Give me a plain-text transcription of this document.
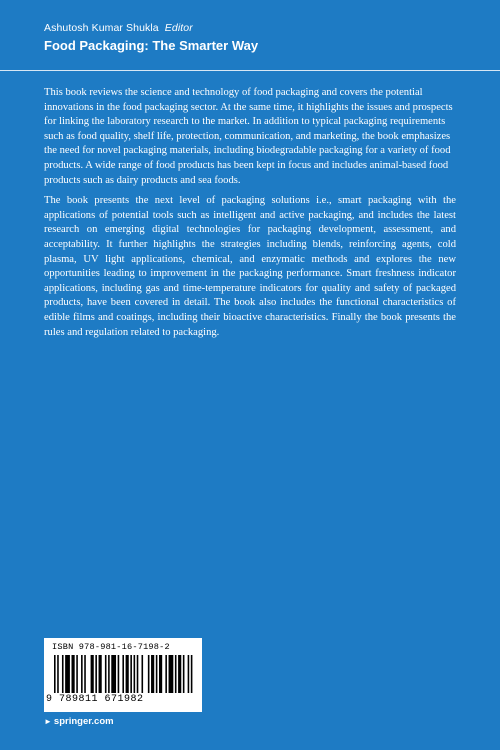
Ashutosh Kumar Shukla Editor
Food Packaging: The Smarter Way

This book reviews the science and technology of food packaging and covers the potential innovations in the food packaging sector. At the same time, it highlights the issues and prospects for linking the laboratory research to the market. In addition to typical packaging requirements such as food quality, shelf life, protection, communication, and marketing, the book emphasizes the need for novel packaging materials, including biodegradable packaging for a variety of food products. A wide range of food products has been kept in focus and includes animal-based food products such as dairy products and sea foods.

The book presents the next level of packaging solutions i.e., smart packaging with the applications of potential tools such as intelligent and active packaging, and includes the latest research on emerging digital technologies for packaging development, assessment, and acceptability. It further highlights the strategies including blends, reinforcing agents, cold plasma, UV light applications, chemical, and enzymatic methods and explores the new opportunities leading to improvement in the packaging performance. Smart freshness indicator applications, including gas and time-temperature indicators for quality and safety of packaged products, have been covered in detail. The book also includes the functional characteristics of edible films and coatings, including their bioactive characteristics. Finally the book presents the rules and regulation related to packaging.

ISBN 978-981-16-7198-2
9 789811 671982
► springer.com
